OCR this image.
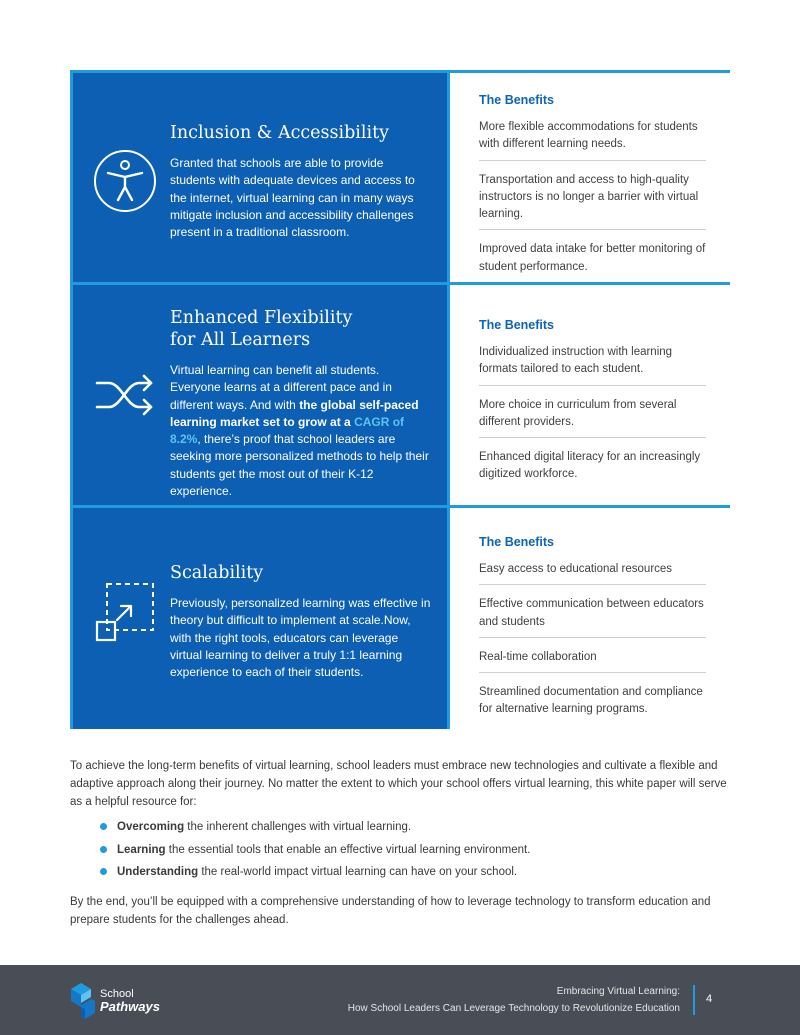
Inclusion & Accessibility

Granted that schools are able to provide students with adequate devices and access to the internet, virtual learning can in many ways mitigate inclusion and accessibility challenges present in a traditional classroom.

The Benefits
More flexible accommodations for students with different learning needs.
Transportation and access to high-quality instructors is no longer a barrier with virtual learning.
Improved data intake for better monitoring of student performance.
Enhanced Flexibility
for All Learners

Virtual learning can benefit all students. Everyone learns at a different pace and in different ways. And with the global self-paced learning market set to grow at a CAGR of 8.2%, there’s proof that school leaders are seeking more personalized methods to help their students get the most out of their K-12 experience.

The Benefits
Individualized instruction with learning formats tailored to each student.
More choice in curriculum from several different providers.
Enhanced digital literacy for an increasingly digitized workforce.
Scalability

Previously, personalized learning was effective in theory but difficult to implement at scale.Now, with the right tools, educators can leverage virtual learning to deliver a truly 1:1 learning experience to each of their students.

The Benefits
Easy access to educational resources
Effective communication between educators and students
Real-time collaboration
Streamlined documentation and compliance for alternative learning programs.

To achieve the long-term benefits of virtual learning, school leaders must embrace new technologies and cultivate a flexible and adaptive approach along their journey. No matter the extent to which your school offers virtual learning, this white paper will serve as a helpful resource for:

Overcoming the inherent challenges with virtual learning.
Learning the essential tools that enable an effective virtual learning environment.
Understanding the real-world impact virtual learning can have on your school.

By the end, you’ll be equipped with a comprehensive understanding of how to leverage technology to transform education and prepare students for the challenges ahead.

School
Pathways
Embracing Virtual Learning:
How School Leaders Can Leverage Technology to Revolutionize Education
4
